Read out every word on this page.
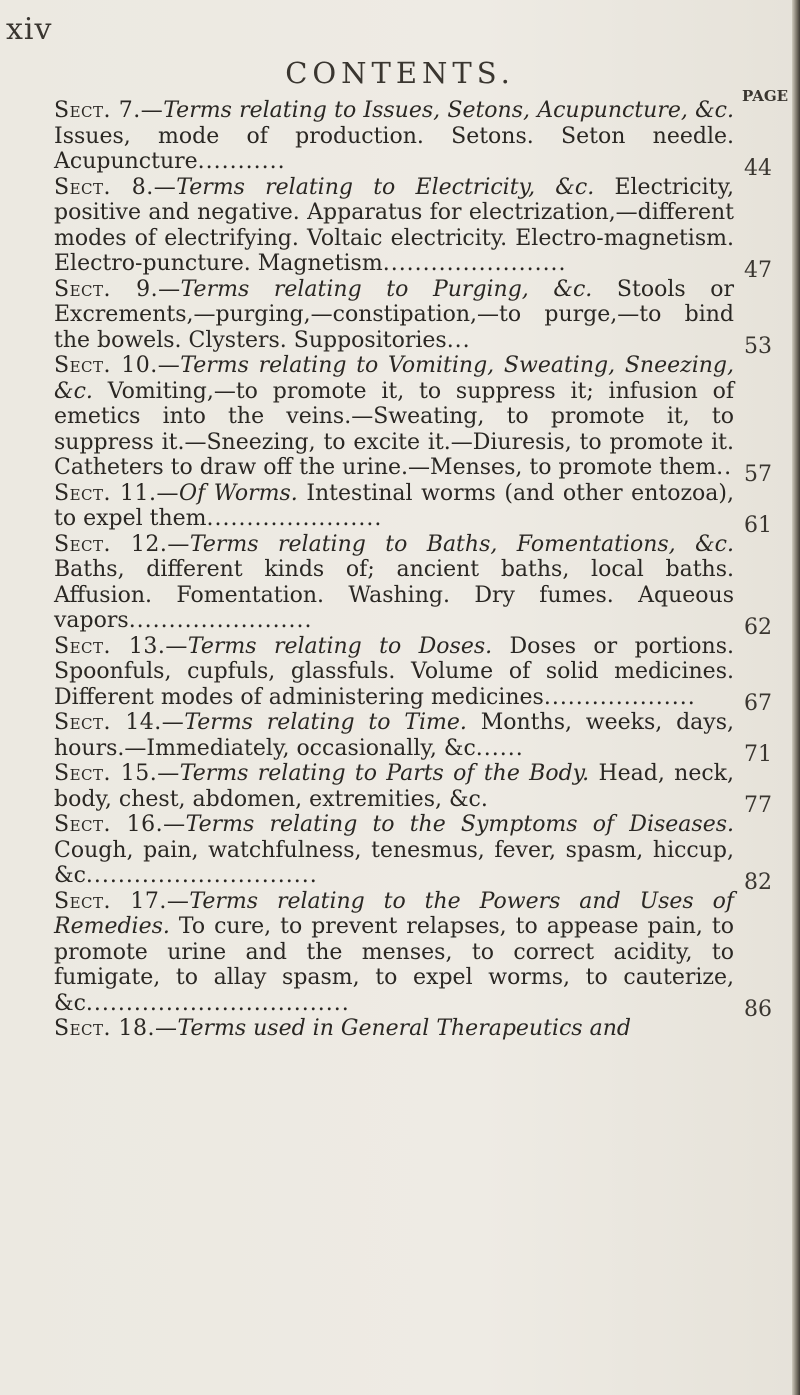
xiv
CONTENTS.
PAGE

Sect. 7.—Terms relating to Issues, Setons, Acupuncture, &c. Issues, mode of production. Setons. Seton needle. Acupuncture...........	44

Sect. 8.—Terms relating to Electricity, &c. Electricity, positive and negative. Apparatus for electrization,—different modes of electrifying. Voltaic electricity. Electro-magnetism. Electro-puncture. Magnetism.......................	47

Sect. 9.—Terms relating to Purging, &c. Stools or Excrements,—purging,—constipation,—to purge,—to bind the bowels. Clysters. Suppositories...	53

Sect. 10.—Terms relating to Vomiting, Sweating, Sneezing, &c. Vomiting,—to promote it, to suppress it; infusion of emetics into the veins.—Sweating, to promote it, to suppress it.—Sneezing, to excite it.—Diuresis, to promote it. Catheters to draw off the urine.—Menses, to promote them.. 57

Sect. 11.—Of Worms. Intestinal worms (and other entozoa), to expel them......................	61

Sect. 12.—Terms relating to Baths, Fomentations, &c. Baths, different kinds of; ancient baths, local baths. Affusion. Fomentation. Washing. Dry fumes. Aqueous vapors.......................	62

Sect. 13.—Terms relating to Doses. Doses or portions. Spoonfuls, cupfuls, glassfuls. Volume of solid medicines. Different modes of administering medicines...................	67

Sect. 14.—Terms relating to Time. Months, weeks, days, hours.—Immediately, occasionally, &c......	71

Sect. 15.—Terms relating to Parts of the Body. Head, neck, body, chest, abdomen, extremities, &c.	77

Sect. 16.—Terms relating to the Symptoms of Diseases. Cough, pain, watchfulness, tenesmus, fever, spasm, hiccup, &c.............................	82

Sect. 17.—Terms relating to the Powers and Uses of Remedies. To cure, to prevent relapses, to appease pain, to promote urine and the menses, to correct acidity, to fumigate, to allay spasm, to expel worms, to cauterize, &c.................................	86

Sect. 18.—Terms used in General Therapeutics and
